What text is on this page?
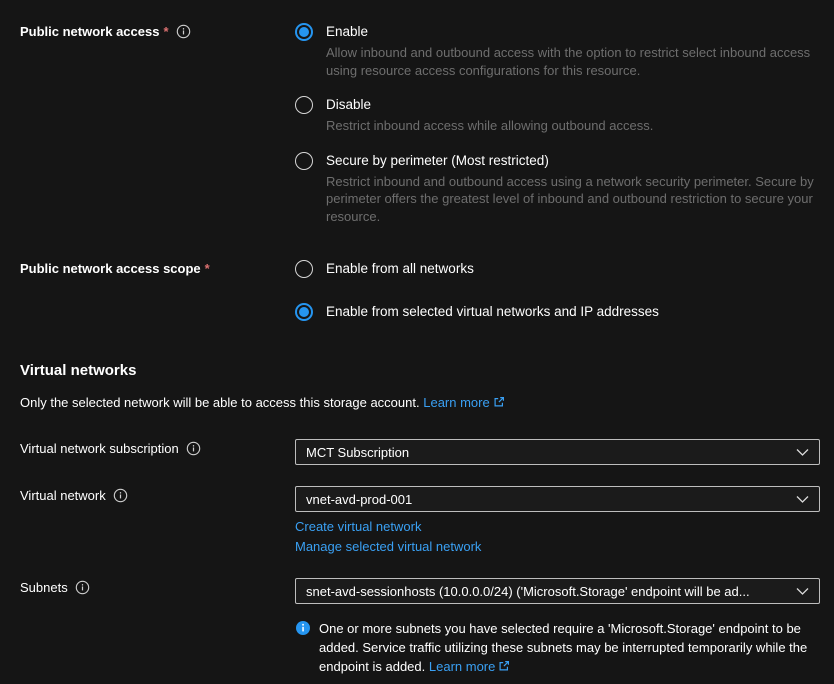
Public network access *	Enable
Allow inbound and outbound access with the option to restrict select inbound access using resource access configurations for this resource.
Disable
Restrict inbound access while allowing outbound access.
Secure by perimeter (Most restricted)
Restrict inbound and outbound access using a network security perimeter. Secure by perimeter offers the greatest level of inbound and outbound restriction to secure your resource.
Public network access scope *	Enable from all networks
Enable from selected virtual networks and IP addresses
Virtual networks
Only the selected network will be able to access this storage account. Learn more
Virtual network subscription	MCT Subscription
Virtual network	vnet-avd-prod-001
Create virtual network
Manage selected virtual network
Subnets	snet-avd-sessionhosts (10.0.0.0/24) ('Microsoft.Storage' endpoint will be ad...
One or more subnets you have selected require a 'Microsoft.Storage' endpoint to be added. Service traffic utilizing these subnets may be interrupted temporarily while the endpoint is added. Learn more
